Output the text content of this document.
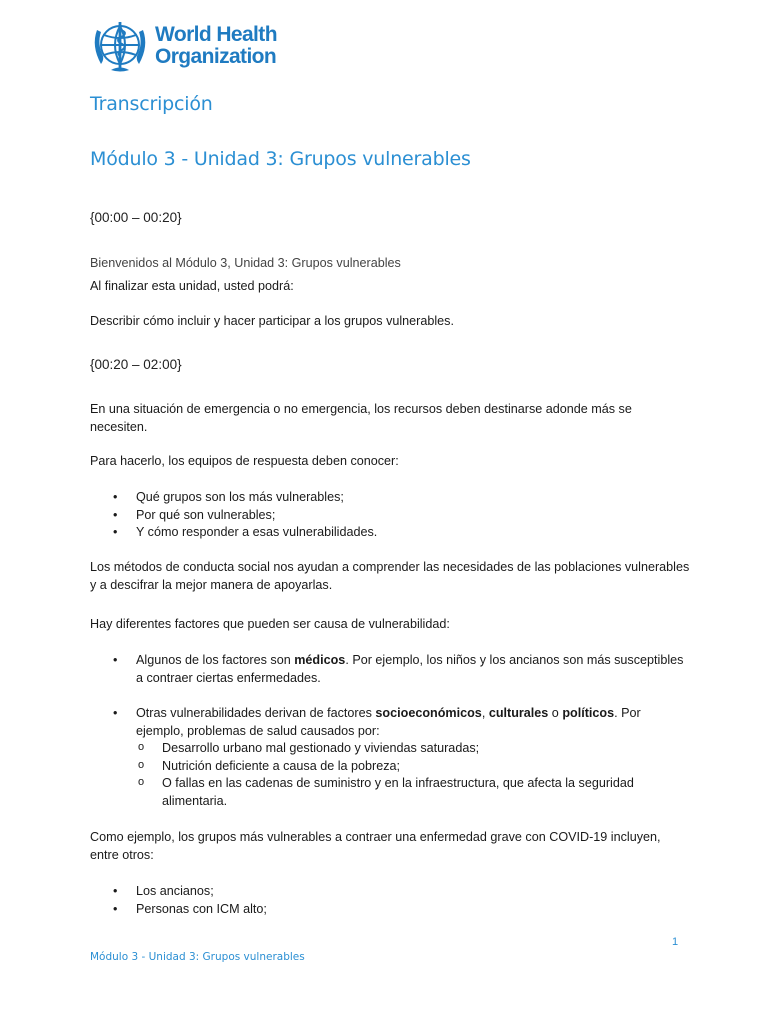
World Health
Organization
Transcripción
Módulo 3 - Unidad 3: Grupos vulnerables

{00:00 – 00:20}

Bienvenidos al Módulo 3, Unidad 3: Grupos vulnerables

Al finalizar esta unidad, usted podrá:

Describir cómo incluir y hacer participar a los grupos vulnerables.

{00:20 – 02:00}

En una situación de emergencia o no emergencia, los recursos deben destinarse adonde más se necesiten.

Para hacerlo, los equipos de respuesta deben conocer:

• Qué grupos son los más vulnerables;
• Por qué son vulnerables;
• Y cómo responder a esas vulnerabilidades.

Los métodos de conducta social nos ayudan a comprender las necesidades de las poblaciones vulnerables y a descifrar la mejor manera de apoyarlas.

Hay diferentes factores que pueden ser causa de vulnerabilidad:

• Algunos de los factores son médicos. Por ejemplo, los niños y los ancianos son más susceptibles a contraer ciertas enfermedades.
• Otras vulnerabilidades derivan de factores socioeconómicos, culturales o políticos. Por ejemplo, problemas de salud causados por:
o Desarrollo urbano mal gestionado y viviendas saturadas;
o Nutrición deficiente a causa de la pobreza;
o O fallas en las cadenas de suministro y en la infraestructura, que afecta la seguridad alimentaria.

Como ejemplo, los grupos más vulnerables a contraer una enfermedad grave con COVID-19 incluyen, entre otros:

• Los ancianos;
• Personas con ICM alto;
1
Módulo 3 - Unidad 3: Grupos vulnerables
